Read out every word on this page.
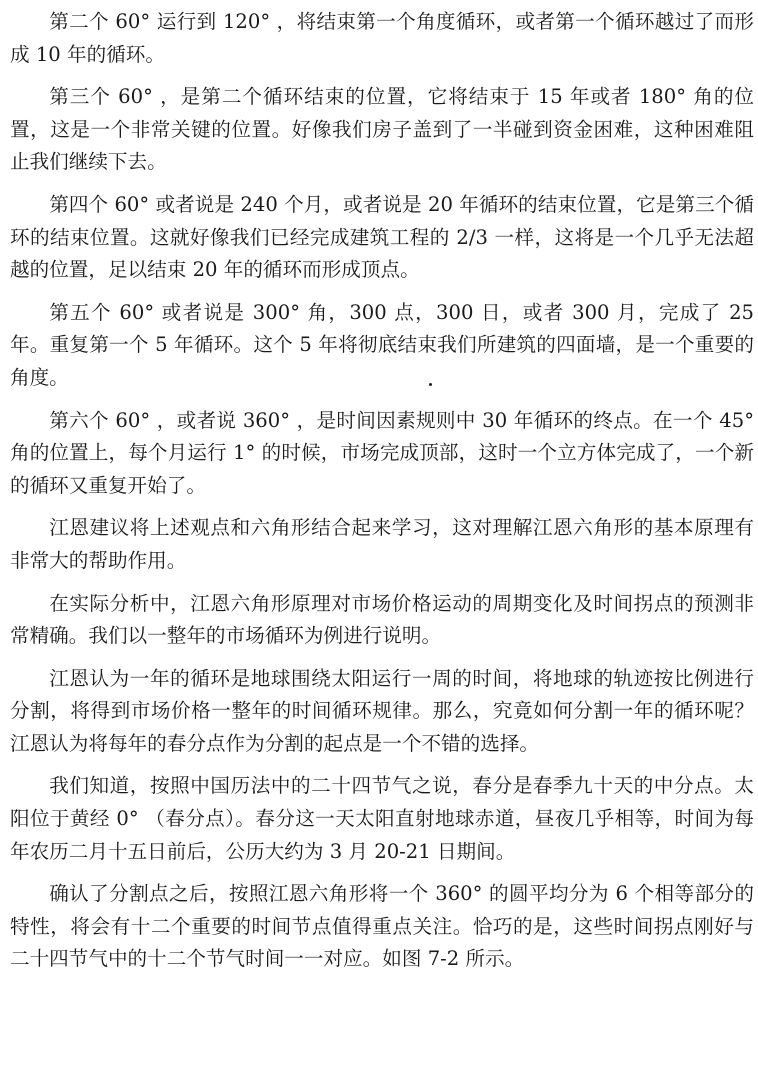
第二个 60° 运行到 120° ，将结束第一个角度循环，或者第一个循环越过了而形成 10 年的循环。

第三个 60° ，是第二个循环结束的位置，它将结束于 15 年或者 180° 角的位置，这是一个非常关键的位置。好像我们房子盖到了一半碰到资金困难，这种困难阻止我们继续下去。

第四个 60° 或者说是 240 个月，或者说是 20 年循环的结束位置，它是第三个循环的结束位置。这就好像我们已经完成建筑工程的 2/3 一样，这将是一个几乎无法超越的位置，足以结束 20 年的循环而形成顶点。

第五个 60° 或者说是 300° 角，300 点，300 日，或者 300 月，完成了 25 年。重复第一个 5 年循环。这个 5 年将彻底结束我们所建筑的四面墙，是一个重要的角度。

第六个 60° ，或者说 360° ，是时间因素规则中 30 年循环的终点。在一个 45° 角的位置上，每个月运行 1° 的时候，市场完成顶部，这时一个立方体完成了，一个新的循环又重复开始了。

江恩建议将上述观点和六角形结合起来学习，这对理解江恩六角形的基本原理有非常大的帮助作用。

在实际分析中，江恩六角形原理对市场价格运动的周期变化及时间拐点的预测非常精确。我们以一整年的市场循环为例进行说明。

江恩认为一年的循环是地球围绕太阳运行一周的时间，将地球的轨迹按比例进行分割，将得到市场价格一整年的时间循环规律。那么，究竟如何分割一年的循环呢？江恩认为将每年的春分点作为分割的起点是一个不错的选择。

我们知道，按照中国历法中的二十四节气之说，春分是春季九十天的中分点。太阳位于黄经 0° （春分点）。春分这一天太阳直射地球赤道，昼夜几乎相等，时间为每年农历二月十五日前后，公历大约为 3 月 20-21 日期间。

确认了分割点之后，按照江恩六角形将一个 360° 的圆平均分为 6 个相等部分的特性，将会有十二个重要的时间节点值得重点关注。恰巧的是，这些时间拐点刚好与二十四节气中的十二个节气时间一一对应。如图 7-2 所示。
